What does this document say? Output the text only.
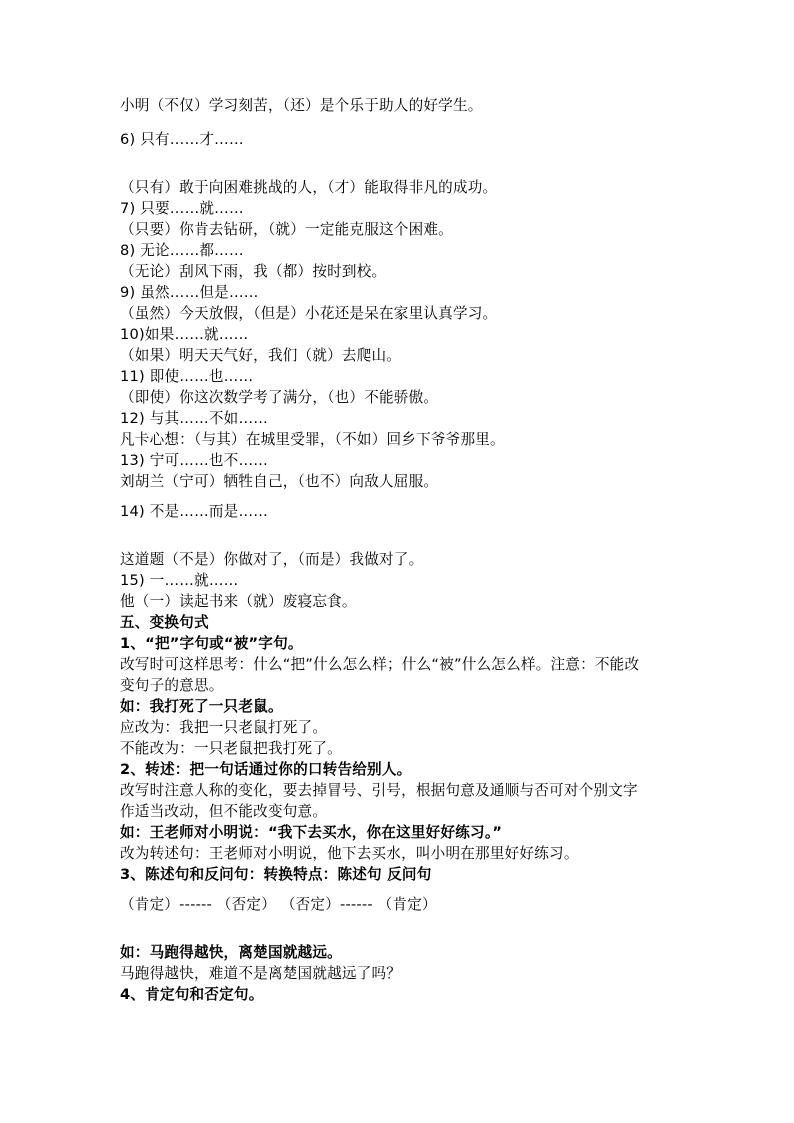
小明（不仅）学习刻苦，（还）是个乐于助人的好学生。
6) 只有……才……
（只有）敢于向困难挑战的人，（才）能取得非凡的成功。
7) 只要……就……
（只要）你肯去钻研，（就）一定能克服这个困难。
8) 无论……都……
（无论）刮风下雨，我（都）按时到校。
9) 虽然……但是……
（虽然）今天放假，（但是）小花还是呆在家里认真学习。
10)如果……就……
（如果）明天天气好，我们（就）去爬山。
11) 即使……也……
（即使）你这次数学考了满分，（也）不能骄傲。
12) 与其……不如……
凡卡心想：（与其）在城里受罪，（不如）回乡下爷爷那里。
13) 宁可……也不……
刘胡兰（宁可）牺牲自己，（也不）向敌人屈服。
14) 不是……而是……
这道题（不是）你做对了，（而是）我做对了。
15) 一……就……
他（一）读起书来（就）废寝忘食。
五、变换句式
1、“把”字句或“被”字句。
改写时可这样思考：什么“把”什么怎么样；什么“被”什么怎么样。注意：不能改
变句子的意思。
如：我打死了一只老鼠。
应改为：我把一只老鼠打死了。
不能改为：一只老鼠把我打死了。
2、转述：把一句话通过你的口转告给别人。
改写时注意人称的变化，要去掉冒号、引号，根据句意及通顺与否可对个别文字
作适当改动，但不能改变句意。
如：王老师对小明说：“我下去买水，你在这里好好练习。”
改为转述句：王老师对小明说，他下去买水，叫小明在那里好好练习。
3、陈述句和反问句：转换特点：陈述句 反问句
（肯定）------ （否定） （否定）------ （肯定）
如：马跑得越快，离楚国就越远。
马跑得越快，难道不是离楚国就越远了吗？
4、肯定句和否定句。
